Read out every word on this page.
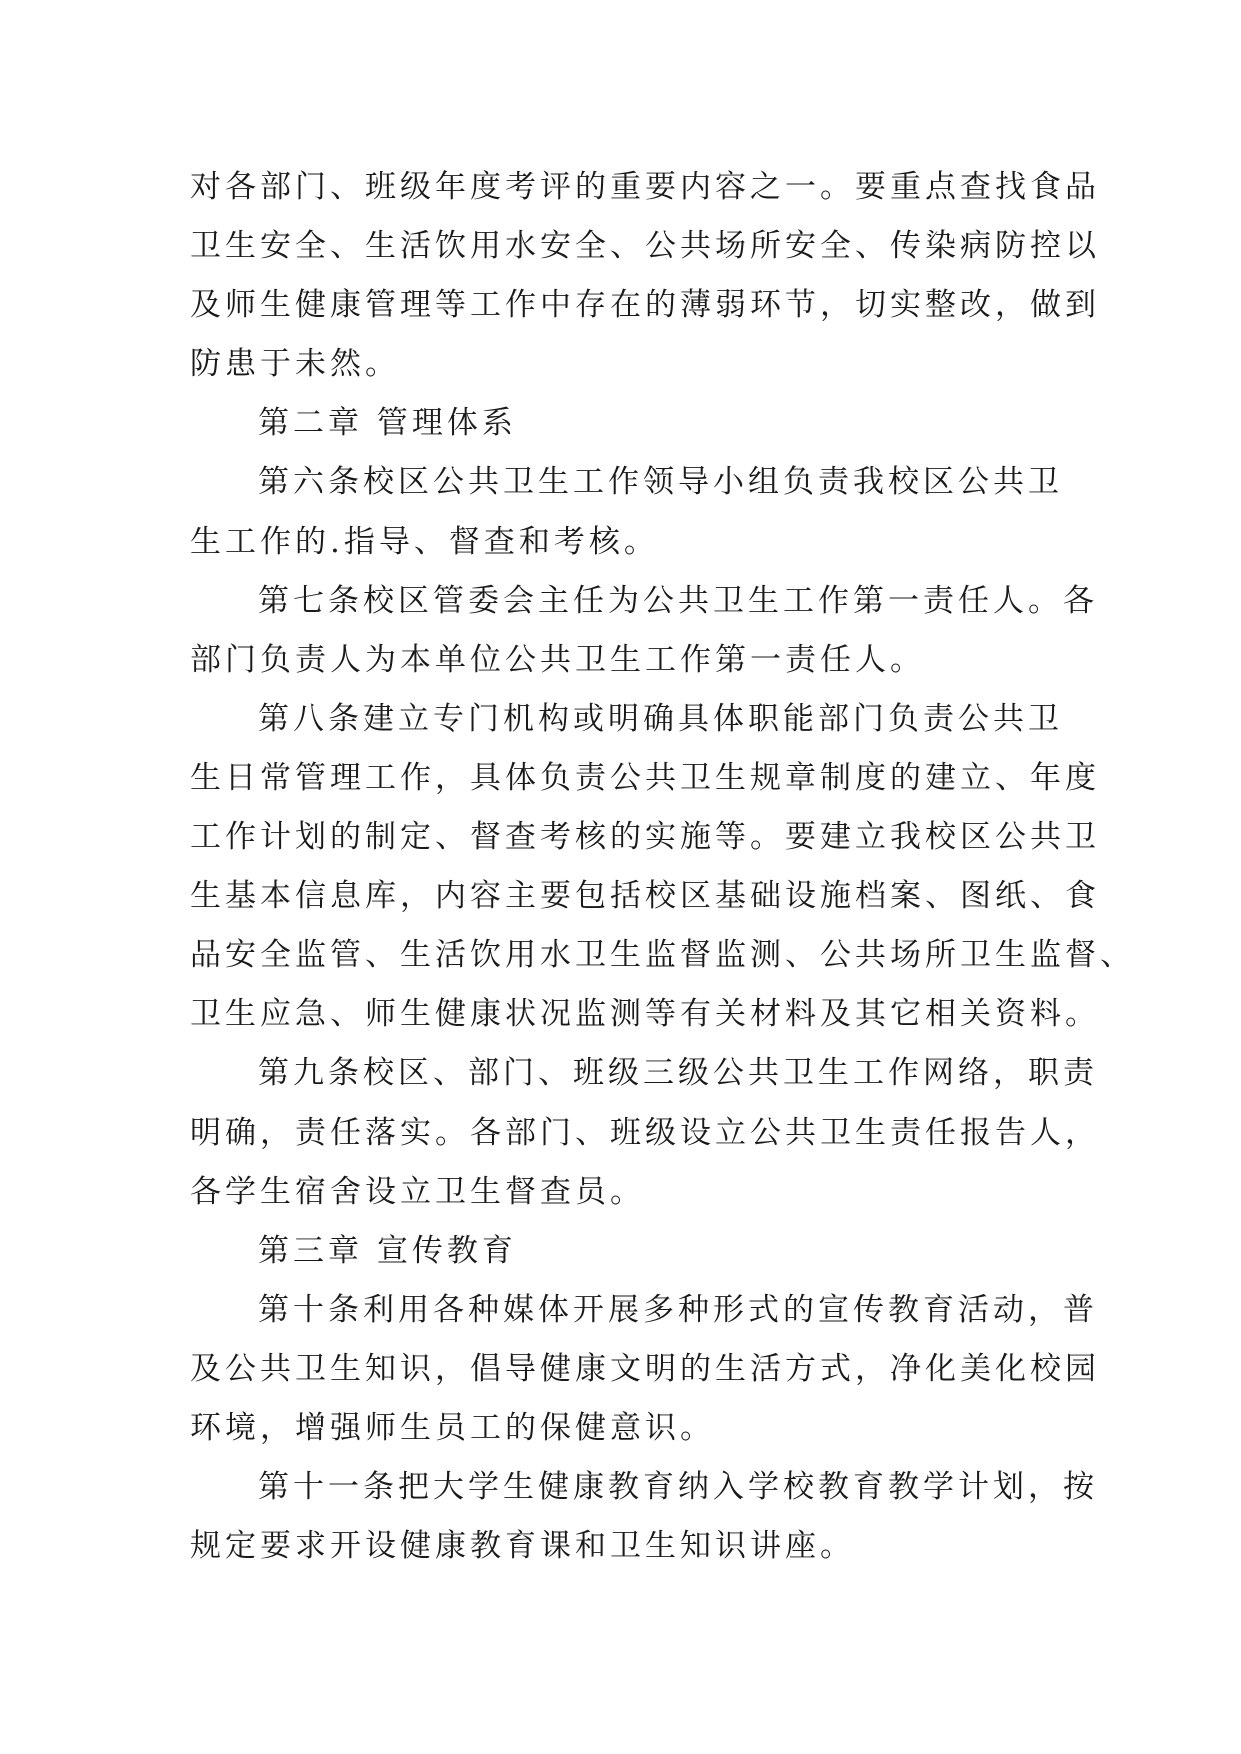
对各部门、班级年度考评的重要内容之一。要重点查找食品
卫生安全、生活饮用水安全、公共场所安全、传染病防控以
及师生健康管理等工作中存在的薄弱环节，切实整改，做到
防患于未然。
第二章 管理体系
第六条校区公共卫生工作领导小组负责我校区公共卫
生工作的.指导、督查和考核。
第七条校区管委会主任为公共卫生工作第一责任人。各
部门负责人为本单位公共卫生工作第一责任人。
第八条建立专门机构或明确具体职能部门负责公共卫
生日常管理工作，具体负责公共卫生规章制度的建立、年度
工作计划的制定、督查考核的实施等。要建立我校区公共卫
生基本信息库，内容主要包括校区基础设施档案、图纸、食
品安全监管、生活饮用水卫生监督监测、公共场所卫生监督、
卫生应急、师生健康状况监测等有关材料及其它相关资料。
第九条校区、部门、班级三级公共卫生工作网络，职责
明确，责任落实。各部门、班级设立公共卫生责任报告人，
各学生宿舍设立卫生督查员。
第三章 宣传教育
第十条利用各种媒体开展多种形式的宣传教育活动，普
及公共卫生知识，倡导健康文明的生活方式，净化美化校园
环境，增强师生员工的保健意识。
第十一条把大学生健康教育纳入学校教育教学计划，按
规定要求开设健康教育课和卫生知识讲座。
